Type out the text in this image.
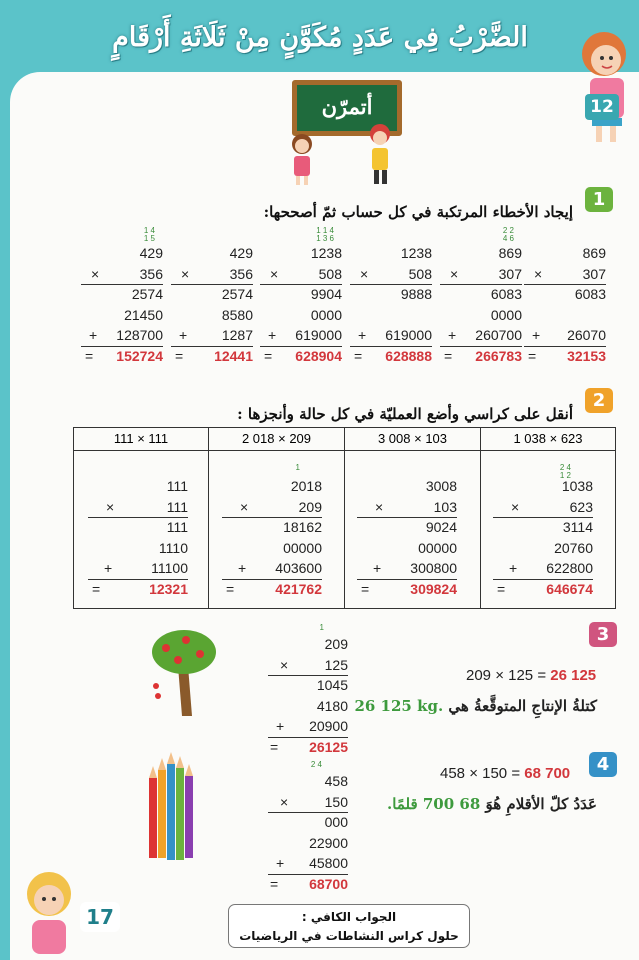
الضَّرْبُ فِي عَدَدٍ مُكَوَّنٍ مِنْ ثَلَاثَةِ أَرْقَامٍ
12
أتمرّن
1
إيجاد الأخطاء المرتكبة في كل حساب ثمّ أصححها:
1 4
1 5
429
356
×
2574
21450
128700
+
152724
=
429
356
×
2574
8580
1287
+
12441
=
1 1 4
1 3 6
1238
508
×
9904
0000
619000
+
628904
=
1238
508
×
9888
619000
+
628888
=
2 2
4 6
869
307
×
6083
0000
260700
+
266783
=
869
307
×
6083
26070
+
32153
=
2
أنقل على كراسي وأضع العمليّة في كل حالة وأنجزها :
111 × 111	2 018 × 209	3 008 × 103	1 038 × 623
111
111
×
111
1110
11100
+
12321
=
1
2018
209
×
18162
00000
403600
+
421762
=
3008
103
×
9024
00000
300800
+
309824
=
2 4
1 2
1038
623
×
3114
20760
622800
+
646674
=
3
1
209
125
×
1045
4180
20900
+
26125
=
209 × 125 = 26 125
كتلةُ الإنتاجِ المتوقَّعةُ هي 26 125 kg.
4
2 4
458
150
×
000
22900
45800
+
68700
=
458 × 150 = 68 700
عَدَدُ كلّ الأقلامِ هُوَ 68 700 قلمًا.
17	الجواب الكافي :
حلول كراس النشاطات في الرياضيات
